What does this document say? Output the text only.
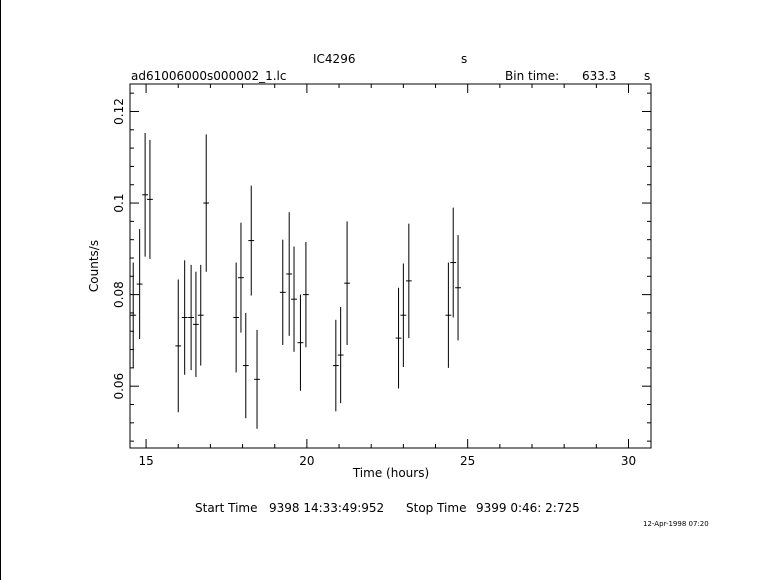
IC4296	s
ad61006000s000002_1.lc	Bin time: 633.3 s
Counts/s
Time (hours)
15	20	25	30
0.06
0.08
0.1
0.12
Start Time 9398 14:33:49:952 Stop Time 9399 0:46: 2:725
12-Apr-1998 07:20
